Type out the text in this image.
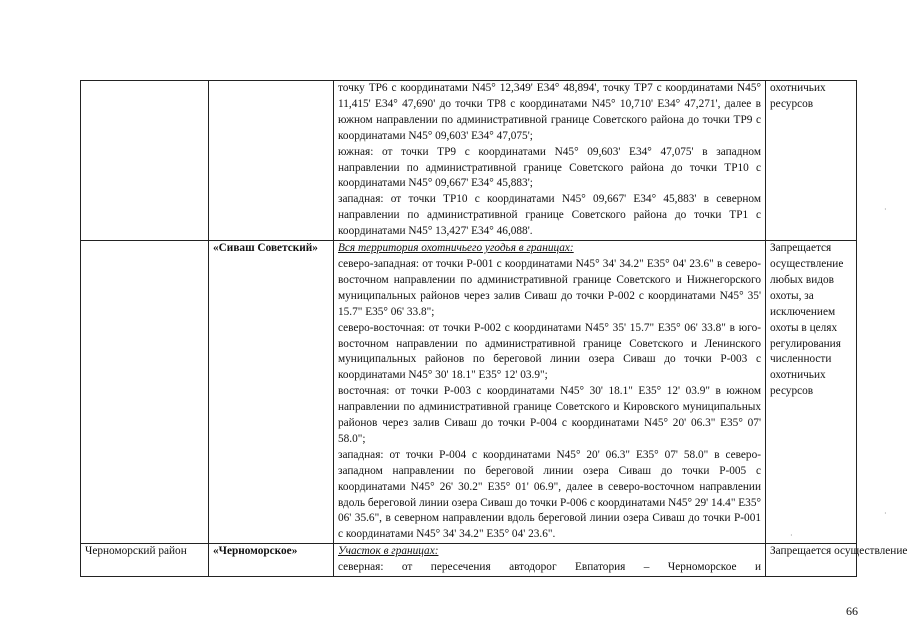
		точку ТР6 с координатами N45° 12,349' E34° 48,894', точку ТР7 с координатами N45° 11,415' E34° 47,690' до точки ТР8 с координатами N45° 10,710' E34° 47,271', далее в южном направлении по административной границе Советского района до точки ТР9 с координатами N45° 09,603' E34° 47,075';

южная: от точки ТР9 с координатами N45° 09,603' E34° 47,075' в западном направлении по административной границе Советского района до точки ТР10 с координатами N45° 09,667' E34° 45,883';

западная: от точки ТР10 с координатами N45° 09,667' E34° 45,883' в северном направлении по административной границе Советского района до точки ТР1 с координатами N45° 13,427' E34° 46,088'.	охотничьих ресурсов
	«Сиваш Советский»	Вся территория охотничьего угодья в границах:

северо-западная: от точки Р-001 с координатами N45° 34' 34.2" E35° 04' 23.6" в северо-восточном направлении по административной границе Советского и Нижнегорского муниципальных районов через залив Сиваш до точки Р-002 с координатами N45° 35' 15.7" E35° 06' 33.8";

северо-восточная: от точки Р-002 с координатами N45° 35' 15.7" E35° 06' 33.8" в юго-восточном направлении по административной границе Советского и Ленинского муниципальных районов по береговой линии озера Сиваш до точки Р-003 с координатами N45° 30' 18.1" E35° 12' 03.9";

восточная: от точки Р-003 с координатами N45° 30' 18.1" E35° 12' 03.9" в южном направлении по административной границе Советского и Кировского муниципальных районов через залив Сиваш до точки Р-004 с координатами N45° 20' 06.3" E35° 07' 58.0";

западная: от точки Р-004 с координатами N45° 20' 06.3" E35° 07' 58.0" в северо-западном направлении по береговой линии озера Сиваш до точки Р-005 с координатами N45° 26' 30.2" E35° 01' 06.9", далее в северо-восточном направлении вдоль береговой линии озера Сиваш до точки Р-006 с координатами N45° 29' 14.4" E35° 06' 35.6", в северном направлении вдоль береговой линии озера Сиваш до точки Р-001 с координатами N45° 34' 34.2" E35° 04' 23.6".	Запрещается осуществление любых видов охоты, за исключением охоты в целях регулирования численности охотничьих ресурсов

Черноморский район	«Черноморское»	Участок в границах:
северная: от пересечения автодорог Евпатория – Черноморское и	Запрещается осуществление
66
·
·
·
